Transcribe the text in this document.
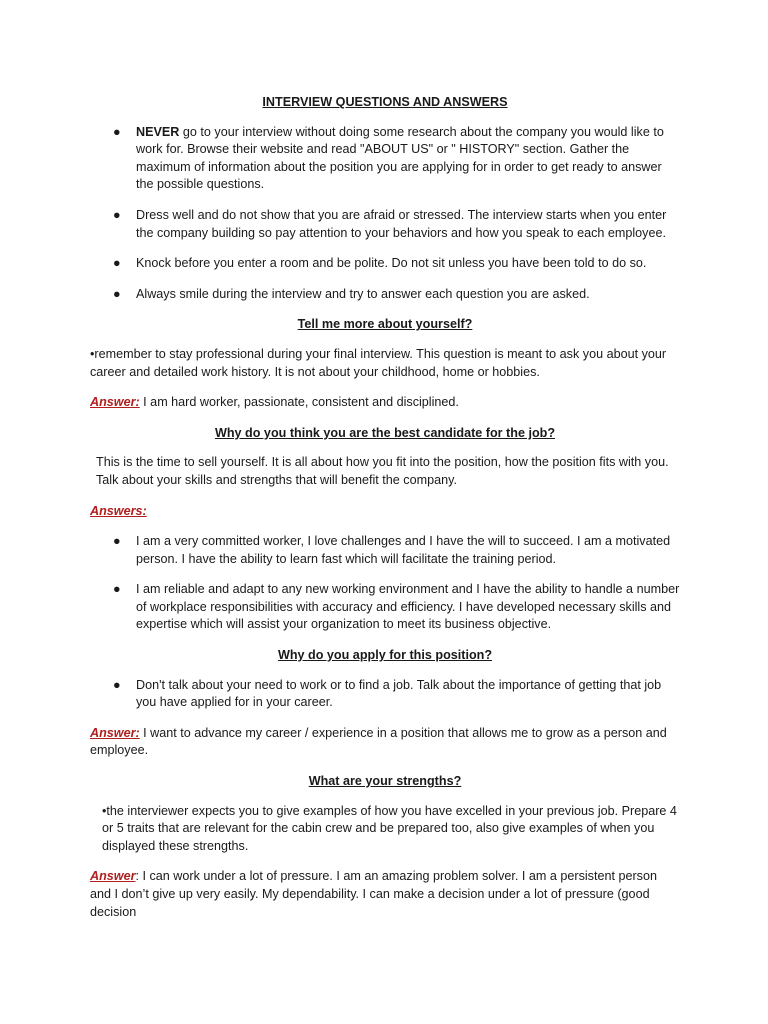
INTERVIEW QUESTIONS AND ANSWERS
● NEVER go to your interview without doing some research about the company you would like to work for. Browse their website and read "ABOUT US" or " HISTORY" section. Gather the maximum of information about the position you are applying for in order to get ready to answer the possible questions.
● Dress well and do not show that you are afraid or stressed. The interview starts when you enter the company building so pay attention to your behaviors and how you speak to each employee.
● Knock before you enter a room and be polite. Do not sit unless you have been told to do so.
● Always smile during the interview and try to answer each question you are asked.
Tell me more about yourself?

•remember to stay professional during your final interview. This question is meant to ask you about your career and detailed work history. It is not about your childhood, home or hobbies.

Answer: I am hard worker, passionate, consistent and disciplined.

Why do you think you are the best candidate for the job?

This is the time to sell yourself. It is all about how you fit into the position, how the position fits with you. Talk about your skills and strengths that will benefit the company.

Answers:

● I am a very committed worker, I love challenges and I have the will to succeed. I am a motivated person. I have the ability to learn fast which will facilitate the training period.
● I am reliable and adapt to any new working environment and I have the ability to handle a number of workplace responsibilities with accuracy and efficiency. I have developed necessary skills and expertise which will assist your organization to meet its business objective.
Why do you apply for this position?
● Don't talk about your need to work or to find a job. Talk about the importance of getting that job you have applied for in your career.

Answer: I want to advance my career / experience in a position that allows me to grow as a person and employee.

What are your strengths?

•the interviewer expects you to give examples of how you have excelled in your previous job. Prepare 4 or 5 traits that are relevant for the cabin crew and be prepared too, also give examples of when you displayed these strengths.

Answer: I can work under a lot of pressure. I am an amazing problem solver. I am a persistent person and I don’t give up very easily. My dependability. I can make a decision under a lot of pressure (good decision
